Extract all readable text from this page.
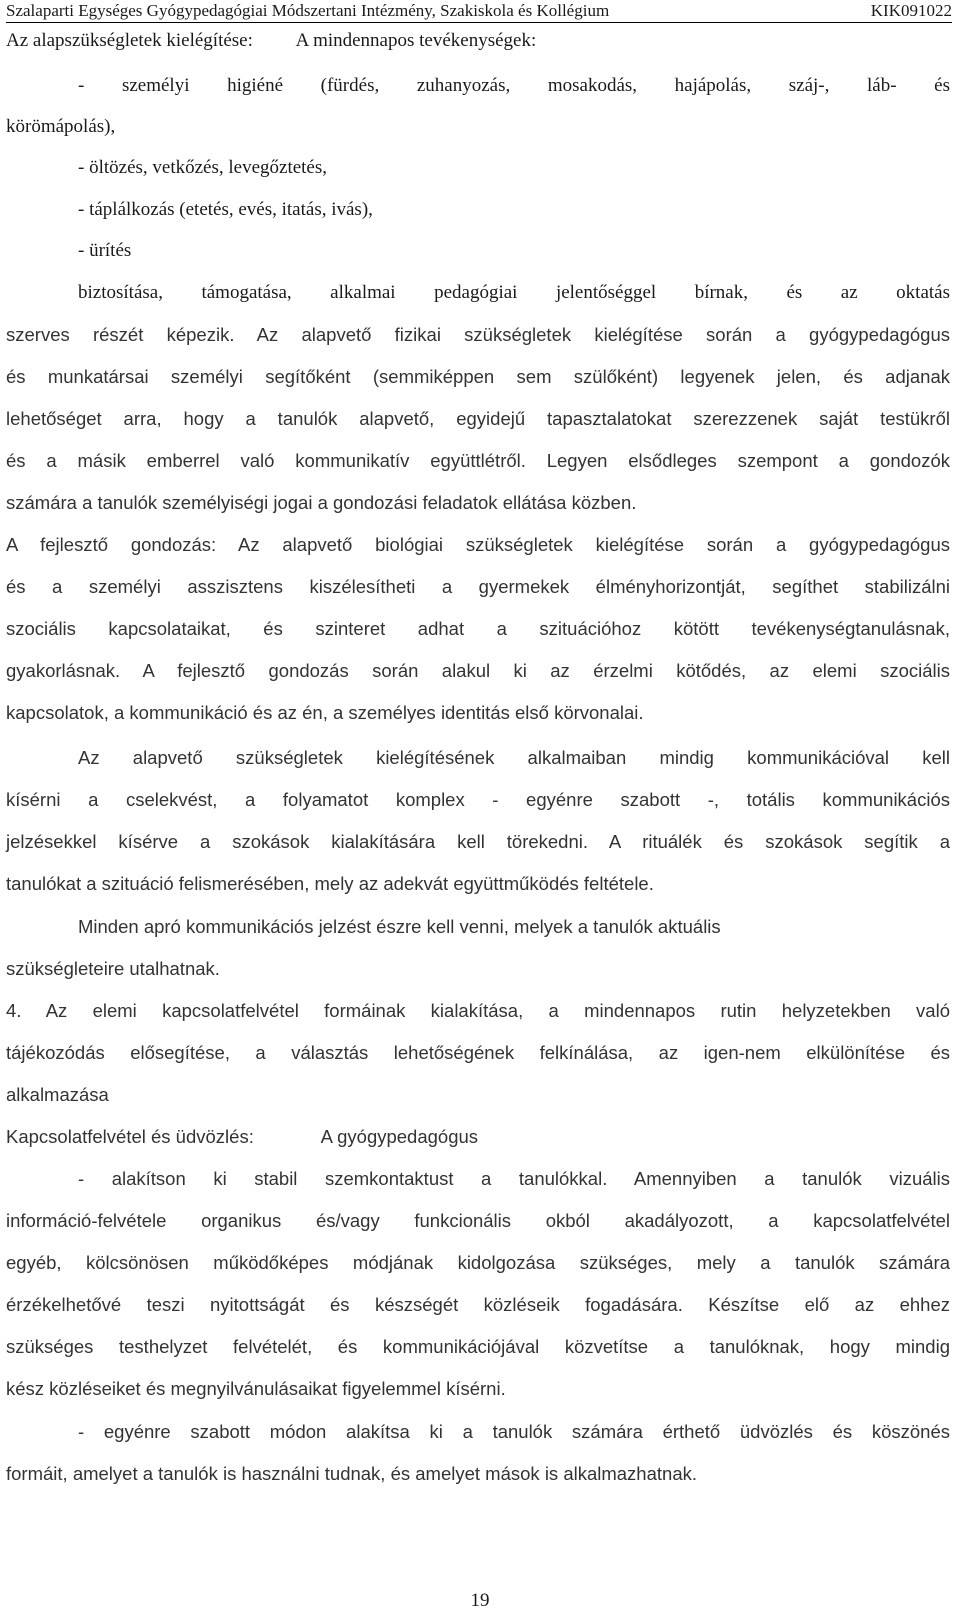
Szalaparti Egységes Gyógypedagógiai Módszertani Intézmény, Szakiskola és Kollégium	KIK091022
Az alapszükségletek kielégítése:         A mindennapos tevékenységek:
- személyi higiéné (fürdés, zuhanyozás, mosakodás, hajápolás, száj-, láb- és
körömápolás),
- öltözés, vetkőzés, levegőztetés,
- táplálkozás (etetés, evés, itatás, ivás),
- ürítés
biztosítása, támogatása, alkalmai pedagógiai jelentőséggel bírnak, és az oktatás
szerves részét képezik. Az alapvető fizikai szükségletek kielégítése során a gyógypedagógus
és munkatársai személyi segítőként (semmiképpen sem szülőként) legyenek jelen, és adjanak
lehetőséget arra, hogy a tanulók alapvető, egyidejű tapasztalatokat szerezzenek saját testükről
és a másik emberrel való kommunikatív együttlétről. Legyen elsődleges szempont a gondozók
számára a tanulók személyiségi jogai a gondozási feladatok ellátása közben.
A fejlesztő gondozás: Az alapvető biológiai szükségletek kielégítése során a gyógypedagógus
és a személyi asszisztens kiszélesítheti a gyermekek élményhorizontját, segíthet stabilizálni
szociális kapcsolataikat, és szinteret adhat a szituációhoz kötött tevékenységtanulásnak,
gyakorlásnak. A fejlesztő gondozás során alakul ki az érzelmi kötődés, az elemi szociális
kapcsolatok, a kommunikáció és az én, a személyes identitás első körvonalai.
Az alapvető szükségletek kielégítésének alkalmaiban mindig kommunikációval kell
kísérni a cselekvést, a folyamatot komplex - egyénre szabott -, totális kommunikációs
jelzésekkel kísérve a szokások kialakítására kell törekedni. A rituálék és szokások segítik a
tanulókat a szituáció felismerésében, mely az adekvát együttműködés feltétele.
Minden apró kommunikációs jelzést észre kell venni, melyek a tanulók aktuális
szükségleteire utalhatnak.
4. Az elemi kapcsolatfelvétel formáinak kialakítása, a mindennapos rutin helyzetekben való
tájékozódás elősegítése, a választás lehetőségének felkínálása, az igen-nem elkülönítése és
alkalmazása
Kapcsolatfelvétel és üdvözlés:             A gyógypedagógus
- alakítson ki stabil szemkontaktust a tanulókkal. Amennyiben a tanulók vizuális
információ-felvétele organikus és/vagy funkcionális okból akadályozott, a kapcsolatfelvétel
egyéb, kölcsönösen működőképes módjának kidolgozása szükséges, mely a tanulók számára
érzékelhetővé teszi nyitottságát és készségét közléseik fogadására. Készítse elő az ehhez
szükséges testhelyzet felvételét, és kommunikációjával közvetítse a tanulóknak, hogy mindig
kész közléseiket és megnyilvánulásaikat figyelemmel kísérni.
- egyénre szabott módon alakítsa ki a tanulók számára érthető üdvözlés és köszönés
formáit, amelyet a tanulók is használni tudnak, és amelyet mások is alkalmazhatnak.
19
